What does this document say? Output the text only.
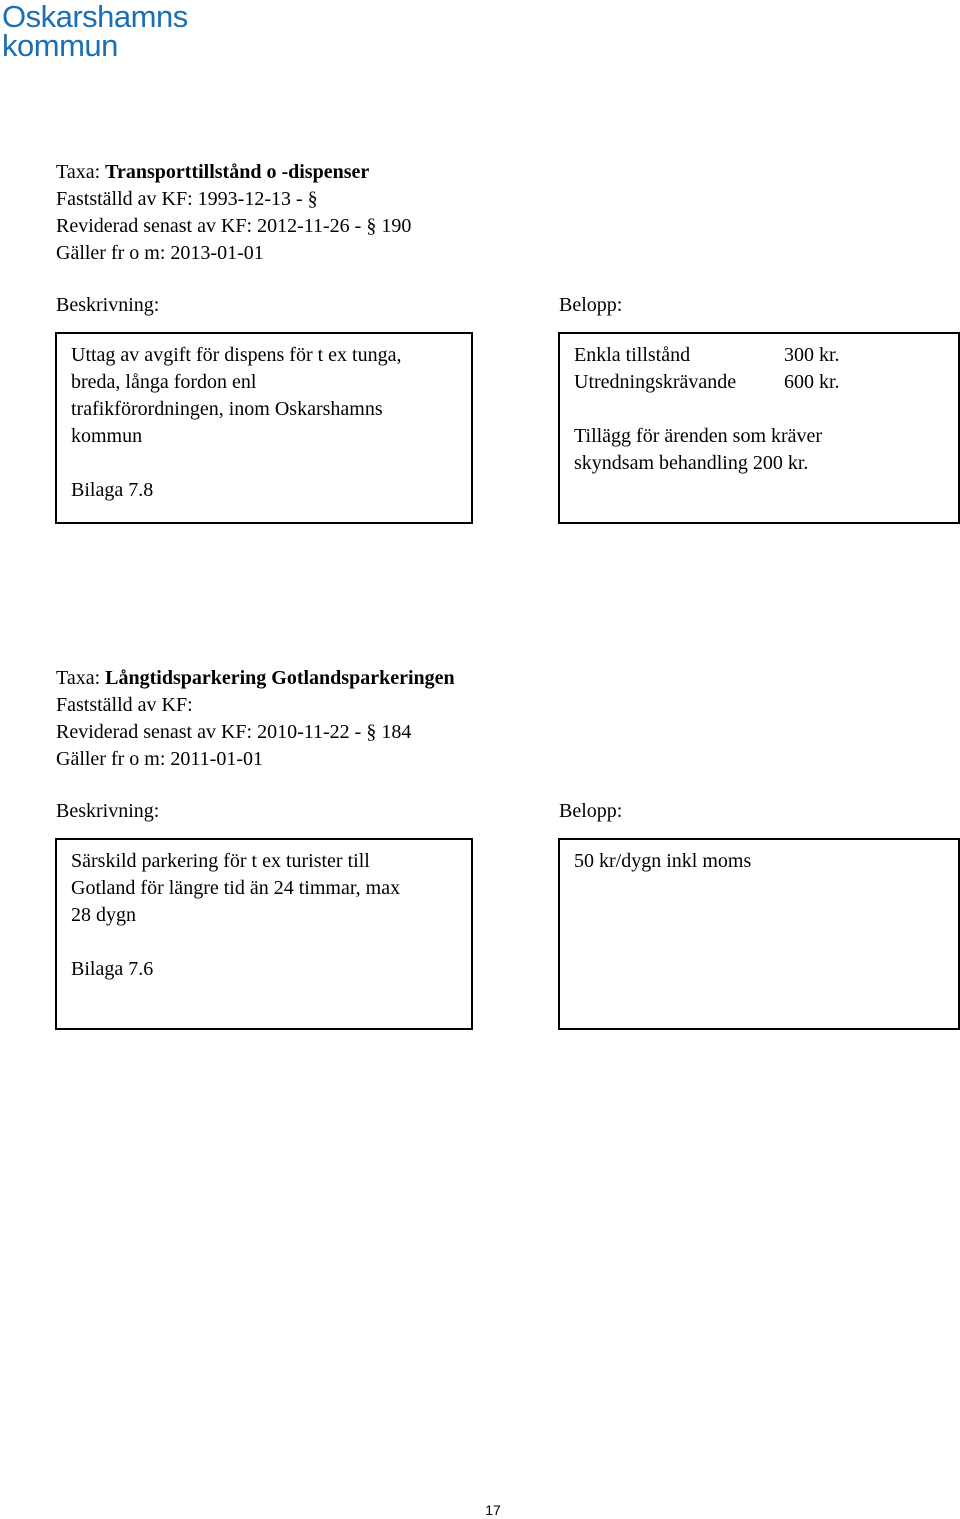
Oskarshamns
kommun
Taxa: Transporttillstånd o -dispenser
Fastställd av KF: 1993-12-13 - §
Reviderad senast av KF: 2012-11-26 - § 190
Gäller fr o m: 2013-01-01
Beskrivning:	Belopp:
Uttag av avgift för dispens för t ex tunga,
breda, långa fordon enl
trafikförordningen, inom Oskarshamns
kommun
Bilaga 7.8
Enkla tillstånd	300 kr.
Utredningskrävande	600 kr.
Tillägg för ärenden som kräver
skyndsam behandling 200 kr.
Taxa: Långtidsparkering Gotlandsparkeringen
Fastställd av KF:
Reviderad senast av KF: 2010-11-22 - § 184
Gäller fr o m: 2011-01-01
Beskrivning:	Belopp:
Särskild parkering för t ex turister till
Gotland för längre tid än 24 timmar, max
28 dygn
Bilaga 7.6
50 kr/dygn inkl moms
17
